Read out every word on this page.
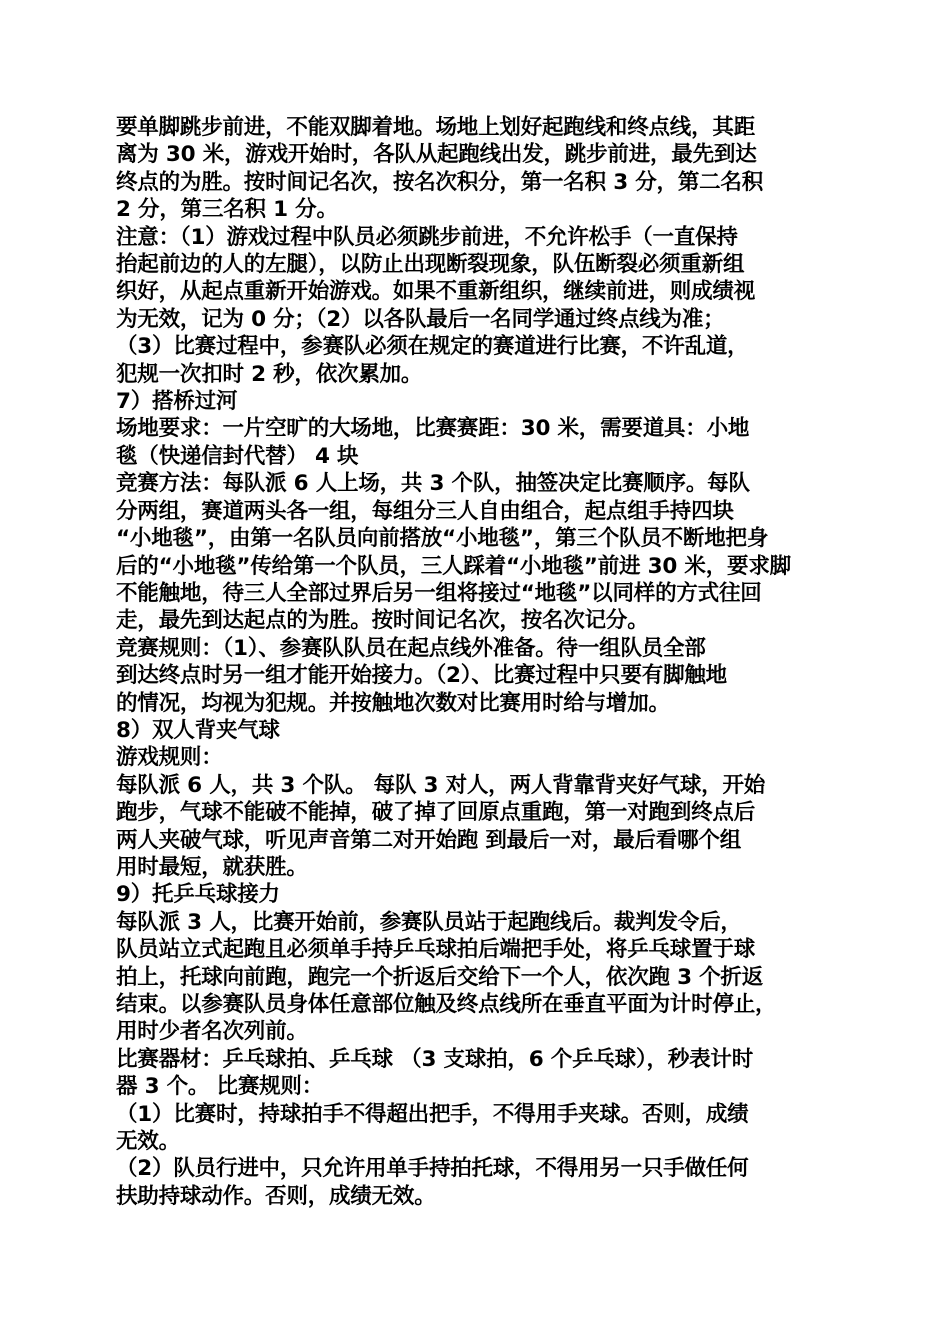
要单脚跳步前进，不能双脚着地。场地上划好起跑线和终点线，其距
离为 30 米，游戏开始时，各队从起跑线出发，跳步前进，最先到达
终点的为胜。按时间记名次，按名次积分，第一名积 3 分，第二名积
2 分，第三名积 1 分。
注意：（1）游戏过程中队员必须跳步前进，不允许松手（一直保持
抬起前边的人的左腿），以防止出现断裂现象，队伍断裂必须重新组
织好，从起点重新开始游戏。如果不重新组织，继续前进，则成绩视
为无效，记为 0 分；（2）以各队最后一名同学通过终点线为准；
（3）比赛过程中，参赛队必须在规定的赛道进行比赛，不许乱道，
犯规一次扣时 2 秒，依次累加。
7）搭桥过河
场地要求：一片空旷的大场地，比赛赛距：30 米，需要道具：小地
毯（快递信封代替） 4 块
竞赛方法：每队派 6 人上场，共 3 个队，抽签决定比赛顺序。每队
分两组，赛道两头各一组，每组分三人自由组合，起点组手持四块
“小地毯”，由第一名队员向前搭放“小地毯”，第三个队员不断地把身
后的“小地毯”传给第一个队员，三人踩着“小地毯”前进 30 米，要求脚
不能触地，待三人全部过界后另一组将接过“地毯”以同样的方式往回
走，最先到达起点的为胜。按时间记名次，按名次记分。
竞赛规则：（1）、参赛队队员在起点线外准备。待一组队员全部
到达终点时另一组才能开始接力。（2）、比赛过程中只要有脚触地
的情况，均视为犯规。并按触地次数对比赛用时给与增加。
8）双人背夹气球
游戏规则：
每队派 6 人，共 3 个队。 每队 3 对人，两人背靠背夹好气球，开始
跑步，气球不能破不能掉，破了掉了回原点重跑，第一对跑到终点后
两人夹破气球，听见声音第二对开始跑 到最后一对，最后看哪个组
用时最短，就获胜。
9）托乒乓球接力
每队派 3 人，比赛开始前，参赛队员站于起跑线后。裁判发令后，
队员站立式起跑且必须单手持乒乓球拍后端把手处，将乒乓球置于球
拍上，托球向前跑，跑完一个折返后交给下一个人，依次跑 3 个折返
结束。以参赛队员身体任意部位触及终点线所在垂直平面为计时停止，
用时少者名次列前。
比赛器材：乒乓球拍、乒乓球 （3 支球拍，6 个乒乓球），秒表计时
器 3 个。 比赛规则：
（1）比赛时，持球拍手不得超出把手，不得用手夹球。否则，成绩
无效。
（2）队员行进中，只允许用单手持拍托球，不得用另一只手做任何
扶助持球动作。否则，成绩无效。
